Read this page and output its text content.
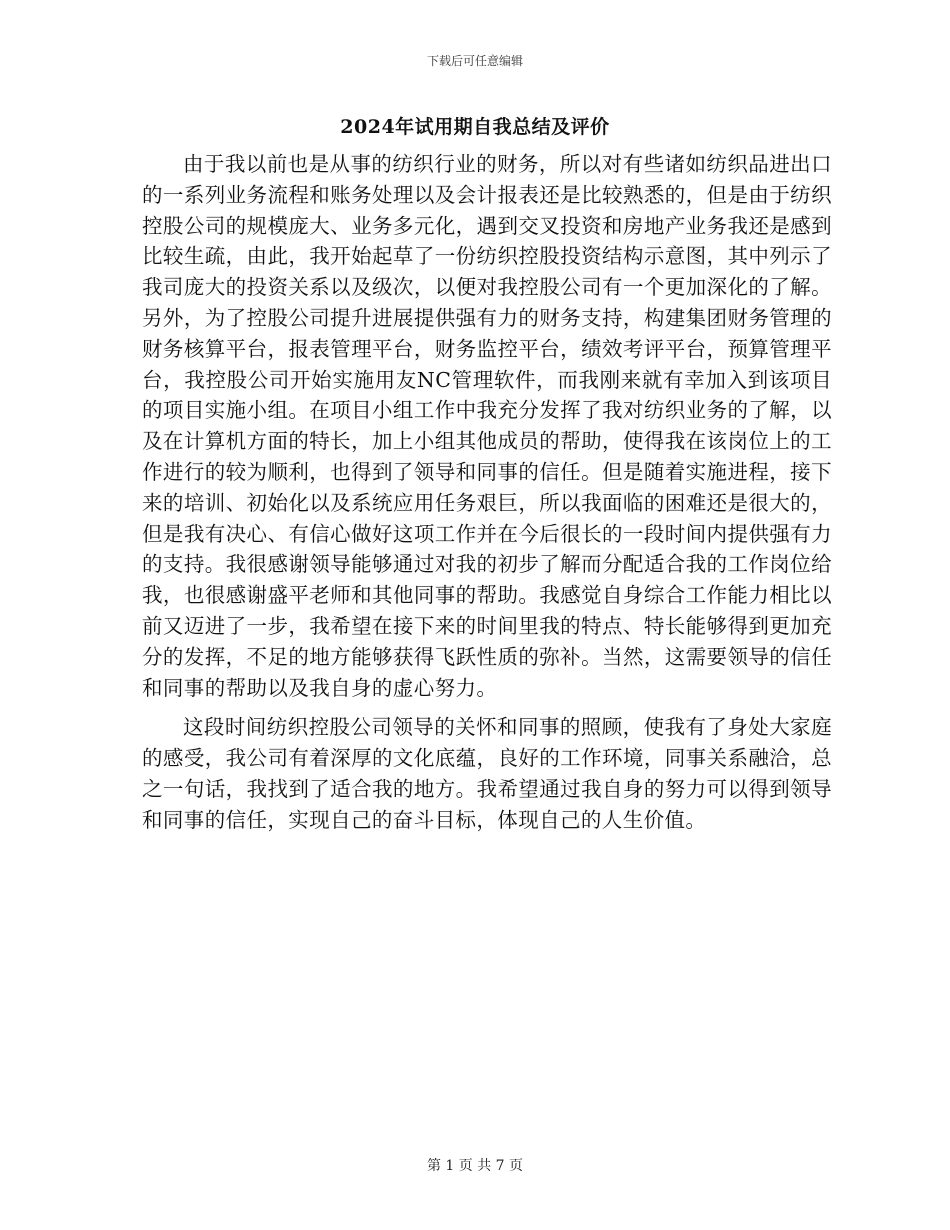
下载后可任意编辑
2024年试用期自我总结及评价

由于我以前也是从事的纺织行业的财务，所以对有些诸如纺织品进出口的一系列业务流程和账务处理以及会计报表还是比较熟悉的，但是由于纺织控股公司的规模庞大、业务多元化，遇到交叉投资和房地产业务我还是感到比较生疏，由此，我开始起草了一份纺织控股投资结构示意图，其中列示了我司庞大的投资关系以及级次，以便对我控股公司有一个更加深化的了解。另外，为了控股公司提升进展提供强有力的财务支持，构建集团财务管理的财务核算平台，报表管理平台，财务监控平台，绩效考评平台，预算管理平台，我控股公司开始实施用友NC管理软件，而我刚来就有幸加入到该项目的项目实施小组。在项目小组工作中我充分发挥了我对纺织业务的了解，以及在计算机方面的特长，加上小组其他成员的帮助，使得我在该岗位上的工作进行的较为顺利，也得到了领导和同事的信任。但是随着实施进程，接下来的培训、初始化以及系统应用任务艰巨，所以我面临的困难还是很大的，但是我有决心、有信心做好这项工作并在今后很长的一段时间内提供强有力的支持。我很感谢领导能够通过对我的初步了解而分配适合我的工作岗位给我，也很感谢盛平老师和其他同事的帮助。我感觉自身综合工作能力相比以前又迈进了一步，我希望在接下来的时间里我的特点、特长能够得到更加充分的发挥，不足的地方能够获得飞跃性质的弥补。当然，这需要领导的信任和同事的帮助以及我自身的虚心努力。

这段时间纺织控股公司领导的关怀和同事的照顾，使我有了身处大家庭的感受，我公司有着深厚的文化底蕴，良好的工作环境，同事关系融洽，总之一句话，我找到了适合我的地方。我希望通过我自身的努力可以得到领导和同事的信任，实现自己的奋斗目标，体现自己的人生价值。

第 1 页 共 7 页
